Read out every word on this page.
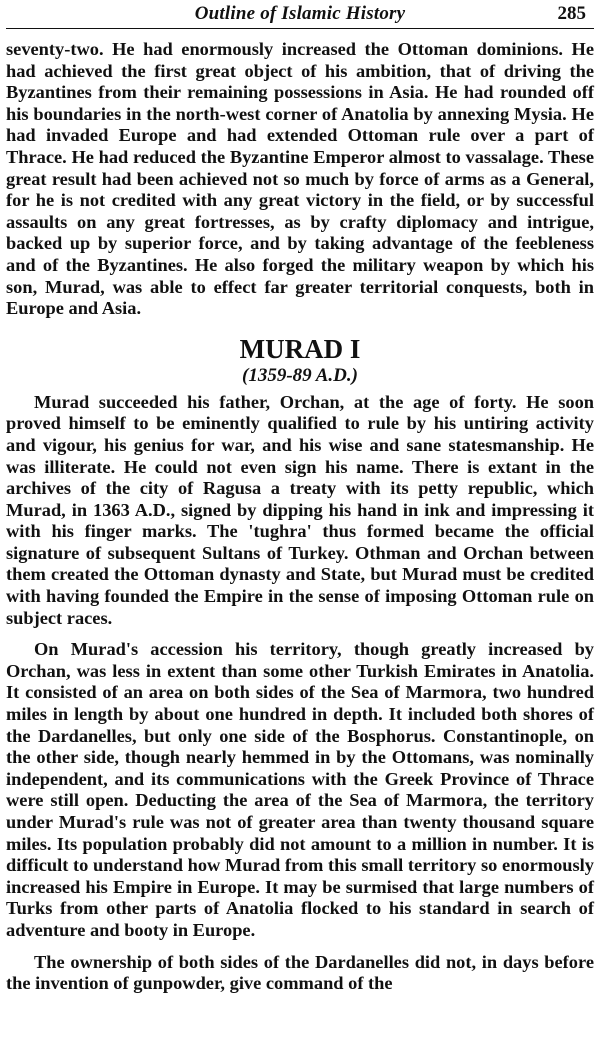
Outline of Islamic History	285

seventy-two. He had enormously increased the Ottoman dominions. He had achieved the first great object of his ambition, that of driving the Byzantines from their remaining possessions in Asia. He had rounded off his boundaries in the north-west corner of Anatolia by annexing Mysia. He had invaded Europe and had extended Ottoman rule over a part of Thrace. He had reduced the Byzantine Emperor almost to vassalage. These great result had been achieved not so much by force of arms as a General, for he is not credited with any great victory in the field, or by successful assaults on any great fortresses, as by crafty diplomacy and intrigue, backed up by superior force, and by taking advantage of the feebleness and of the Byzantines. He also forged the military weapon by which his son, Murad, was able to effect far greater territorial conquests, both in Europe and Asia.

MURAD I
(1359-89 A.D.)

Murad succeeded his father, Orchan, at the age of forty. He soon proved himself to be eminently qualified to rule by his untiring activity and vigour, his genius for war, and his wise and sane statesmanship. He was illiterate. He could not even sign his name. There is extant in the archives of the city of Ragusa a treaty with its petty republic, which Murad, in 1363 A.D., signed by dipping his hand in ink and impressing it with his finger marks. The 'tughra' thus formed became the official signature of subsequent Sultans of Turkey. Othman and Orchan between them created the Ottoman dynasty and State, but Murad must be credited with having founded the Empire in the sense of imposing Ottoman rule on subject races.

On Murad's accession his territory, though greatly increased by Orchan, was less in extent than some other Turkish Emirates in Anatolia. It consisted of an area on both sides of the Sea of Marmora, two hundred miles in length by about one hundred in depth. It included both shores of the Dardanelles, but only one side of the Bosphorus. Constantinople, on the other side, though nearly hemmed in by the Ottomans, was nominally independent, and its communications with the Greek Province of Thrace were still open. Deducting the area of the Sea of Marmora, the territory under Murad's rule was not of greater area than twenty thousand square miles. Its population probably did not amount to a million in number. It is difficult to understand how Murad from this small territory so enormously increased his Empire in Europe. It may be surmised that large numbers of Turks from other parts of Anatolia flocked to his standard in search of adventure and booty in Europe.

The ownership of both sides of the Dardanelles did not, in days before the invention of gunpowder, give command of the
